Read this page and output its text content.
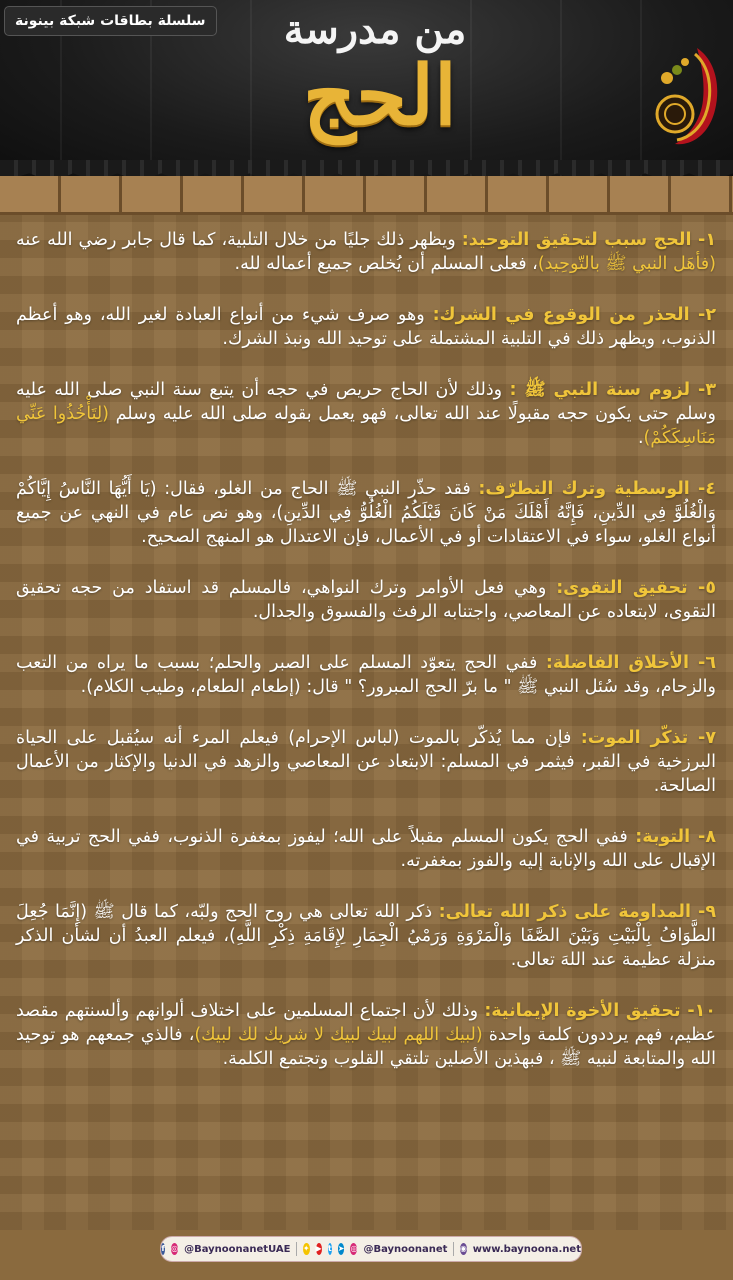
سلسلة بطاقات شبكة بينونة من مدرسة
الحج

١- الحج سبب لتحقيق التوحيد: ويظهر ذلك جليًا من خلال التلبية، كما قال جابر رضي الله عنه (فأهَل النبي ﷺ بالتّوحِيد)، فعلى المسلم أن يُخلص جميع أعماله لله.

٢- الحذر من الوقوع في الشرك: وهو صرف شيء من أنواع العبادة لغير الله، وهو أعظم الذنوب، ويظهر ذلك في التلبية المشتملة على توحيد الله ونبذ الشرك.

٣- لزوم سنة النبي ﷺ : وذلك لأن الحاج حريص في حجه أن يتبع سنة النبي صلى الله عليه وسلم حتى يكون حجه مقبولًا عند الله تعالى، فهو يعمل بقوله صلى الله عليه وسلم (لِتَأْخُذُوا عَنِّي مَنَاسِكَكُمْ).

٤- الوسطية وترك التطرّف: فقد حذّر النبي ﷺ الحاج من الغلو، فقال: (يَا أَيُّهَا النَّاسُ إِيَّاكُمْ وَالْغُلُوَّ فِي الدِّينِ، فَإِنَّهُ أَهْلَكَ مَنْ كَانَ قَبْلَكُمُ الْغُلُوُّ فِي الدِّينِ)، وهو نص عام في النهي عن جميع أنواع الغلو، سواء في الاعتقادات أو في الأعمال، فإن الاعتدال هو المنهج الصحيح.

٥- تحقيق التقوى: وهي فعل الأوامر وترك النواهي، فالمسلم قد استفاد من حجه تحقيق التقوى، لابتعاده عن المعاصي، واجتنابه الرفث والفسوق والجدال.

٦- الأخلاق الفاضلة: ففي الحج يتعوّد المسلم على الصبر والحلم؛ بسبب ما يراه من التعب والزحام، وقد سُئل النبي ﷺ " ما برّ الحج المبرور؟ " قال: (إطعام الطعام، وطيب الكلام).

٧- تذكّر الموت: فإن مما يُذكّر بالموت (لباس الإحرام) فيعلم المرء أنه سيُقبل على الحياة البرزخية في القبر، فيثمر في المسلم: الابتعاد عن المعاصي والزهد في الدنيا والإكثار من الأعمال الصالحة.

٨- التوبة: ففي الحج يكون المسلم مقبلاً على الله؛ ليفوز بمغفرة الذنوب، ففي الحج تربية في الإقبال على الله والإنابة إليه والفوز بمغفرته.

٩- المداومة على ذكر الله تعالى: ذكر الله تعالى هي روح الحج ولبّه، كما قال ﷺ (إِنَّمَا جُعِلَ الطَّوَافُ بِالْبَيْتِ وَبَيْنَ الصَّفَا وَالْمَرْوَةِ وَرَمْيُ الْجِمَارِ لِإِقَامَةِ ذِكْرِ اللَّهِ)، فيعلم العبدُ أن لشأن الذكر منزلة عظيمة عند اللهَ تعالى.

١٠- تحقيق الأخوة الإيمانية: وذلك لأن اجتماع المسلمين على اختلاف ألوانهم وألسنتهم مقصد عظيم، فهم يرددون كلمة واحدة (لبيك اللهم لبيك لبيك لا شريك لك لبيك)، فالذي جمعهم هو توحيد الله والمتابعة لنبيه ﷺ ، فبهذين الأصلين تلتقي القلوب وتجتمع الكلمة.

f ◎ @BaynoonanetUAE ✦ ▶ t ➤ ◎ @Baynoonanet ◉ www.baynoona.net
